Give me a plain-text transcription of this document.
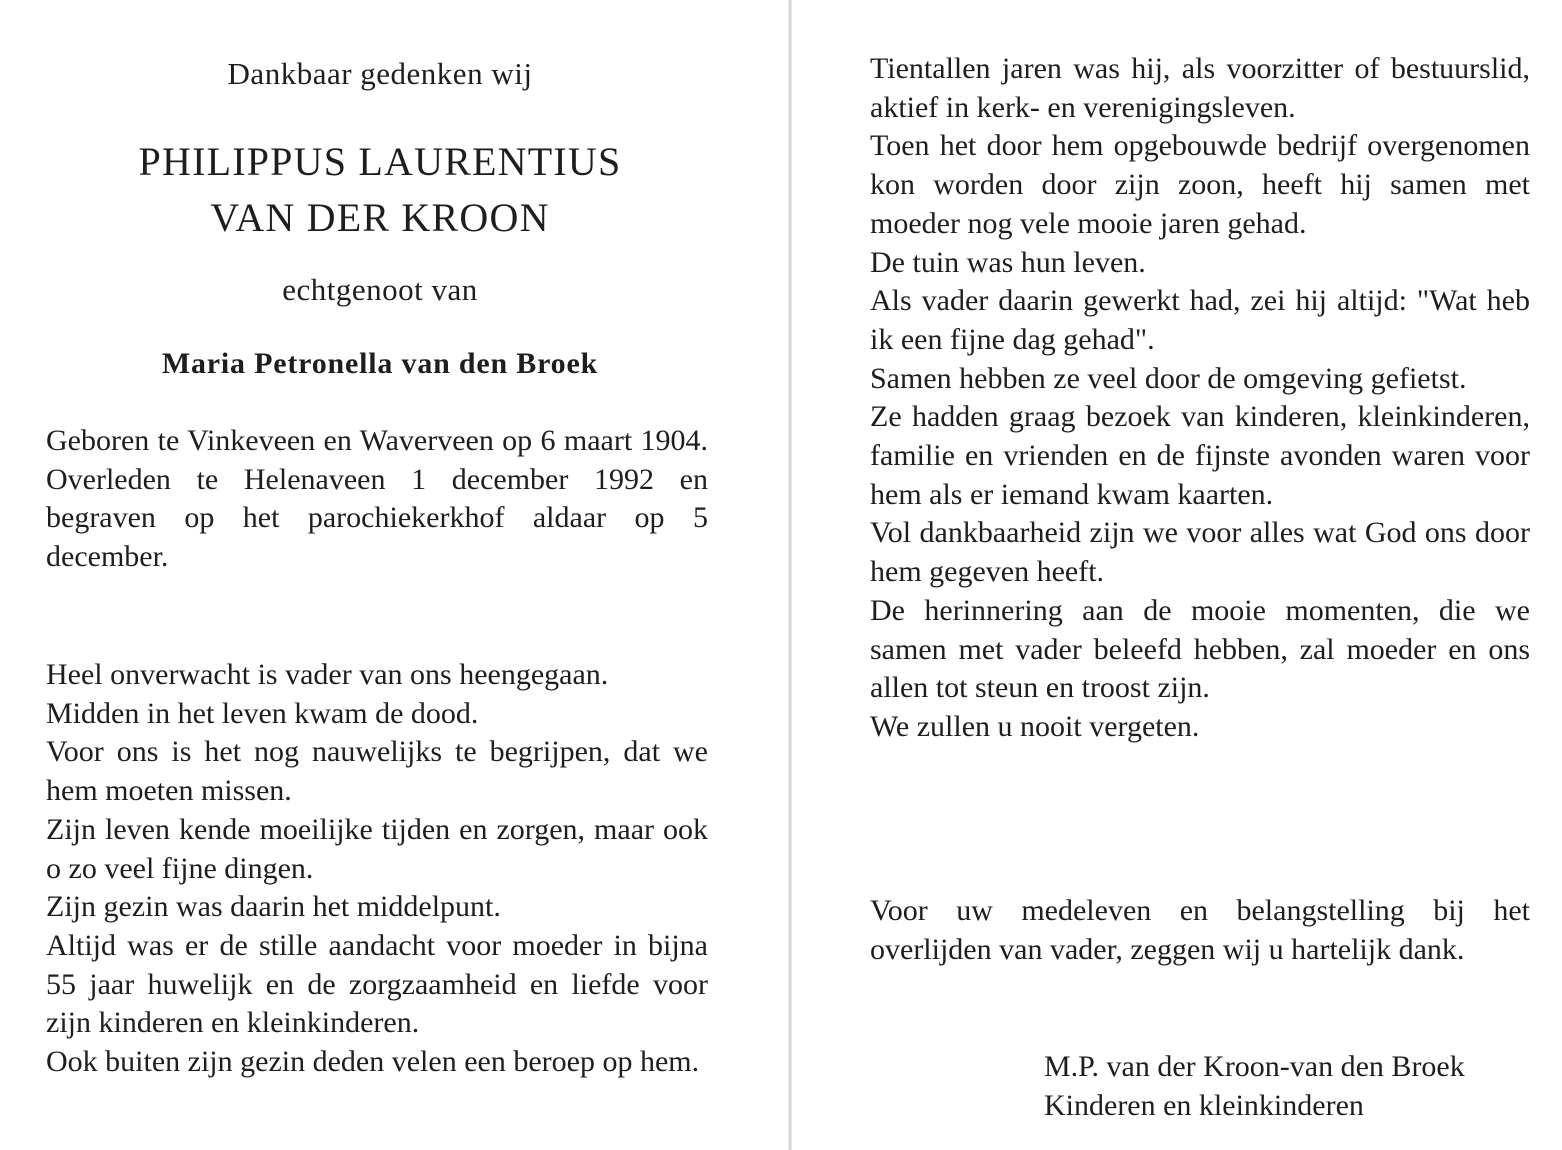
Dankbaar gedenken wij
PHILIPPUS LAURENTIUS
VAN DER KROON
echtgenoot van
Maria Petronella van den Broek

Geboren te Vinkeveen en Waverveen op 6 maart 1904. Overleden te Helenaveen 1 december 1992 en begraven op het parochiekerkhof aldaar op 5 december.

Heel onverwacht is vader van ons heengegaan.
Midden in het leven kwam de dood.
Voor ons is het nog nauwelijks te begrijpen, dat we hem moeten missen.
Zijn leven kende moeilijke tijden en zorgen, maar ook o zo veel fijne dingen.
Zijn gezin was daarin het middelpunt.
Altijd was er de stille aandacht voor moeder in bijna 55 jaar huwelijk en de zorgzaamheid en liefde voor zijn kinderen en kleinkinderen.
Ook buiten zijn gezin deden velen een beroep op hem.
Tientallen jaren was hij, als voorzitter of bestuurslid, aktief in kerk- en verenigingsleven.
Toen het door hem opgebouwde bedrijf overgenomen kon worden door zijn zoon, heeft hij samen met moeder nog vele mooie jaren gehad.
De tuin was hun leven.
Als vader daarin gewerkt had, zei hij altijd: "Wat heb ik een fijne dag gehad".
Samen hebben ze veel door de omgeving gefietst.
Ze hadden graag bezoek van kinderen, kleinkinderen, familie en vrienden en de fijnste avonden waren voor hem als er iemand kwam kaarten.
Vol dankbaarheid zijn we voor alles wat God ons door hem gegeven heeft.
De herinnering aan de mooie momenten, die we samen met vader beleefd hebben, zal moeder en ons allen tot steun en troost zijn.
We zullen u nooit vergeten.

Voor uw medeleven en belangstelling bij het overlijden van vader, zeggen wij u hartelijk dank.

M.P. van der Kroon-van den Broek
Kinderen en kleinkinderen
